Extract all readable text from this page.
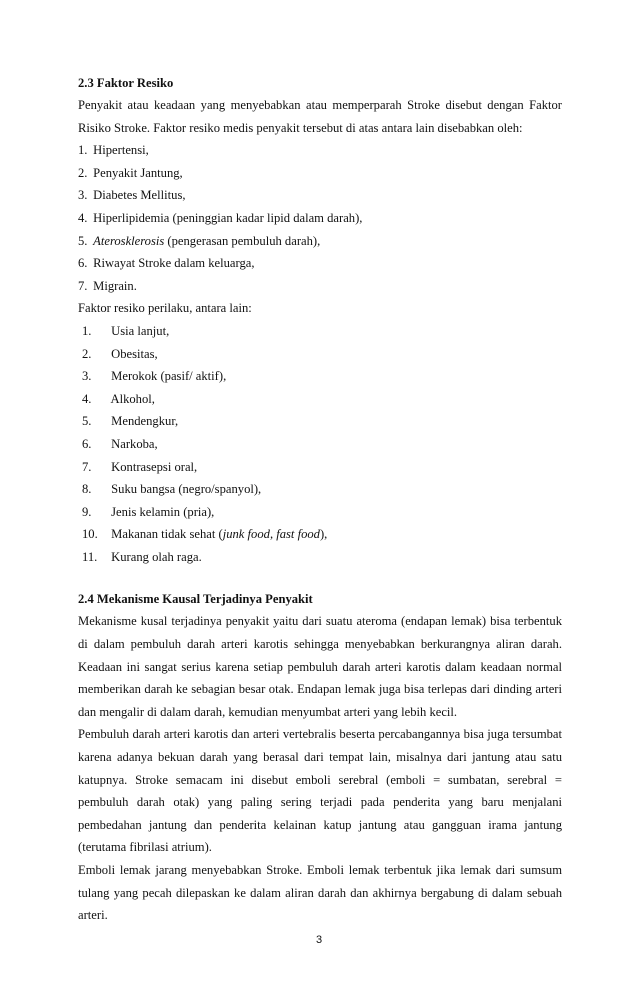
2.3 Faktor Resiko

Penyakit atau keadaan yang menyebabkan atau memperparah Stroke disebut dengan Faktor Risiko Stroke. Faktor resiko medis penyakit tersebut di atas antara lain disebabkan oleh:

1. Hipertensi,
2. Penyakit Jantung,
3. Diabetes Mellitus,
4. Hiperlipidemia (peninggian kadar lipid dalam darah),
5. Aterosklerosis (pengerasan pembuluh darah),
6. Riwayat Stroke dalam keluarga,
7. Migrain.
Faktor resiko perilaku, antara lain:
1. Usia lanjut,
2. Obesitas,
3. Merokok (pasif/ aktif),
4. Alkohol,
5. Mendengkur,
6. Narkoba,
7. Kontrasepsi oral,
8. Suku bangsa (negro/spanyol),
9. Jenis kelamin (pria),
10. Makanan tidak sehat (junk food, fast food),
11. Kurang olah raga.

2.4 Mekanisme Kausal Terjadinya Penyakit

Mekanisme kusal terjadinya penyakit yaitu dari suatu ateroma (endapan lemak) bisa terbentuk di dalam pembuluh darah arteri karotis sehingga menyebabkan berkurangnya aliran darah. Keadaan ini sangat serius karena setiap pembuluh darah arteri karotis dalam keadaan normal memberikan darah ke sebagian besar otak. Endapan lemak juga bisa terlepas dari dinding arteri dan mengalir di dalam darah, kemudian menyumbat arteri yang lebih kecil.

Pembuluh darah arteri karotis dan arteri vertebralis beserta percabangannya bisa juga tersumbat karena adanya bekuan darah yang berasal dari tempat lain, misalnya dari jantung atau satu katupnya. Stroke semacam ini disebut emboli serebral (emboli = sumbatan, serebral = pembuluh darah otak) yang paling sering terjadi pada penderita yang baru menjalani pembedahan jantung dan penderita kelainan katup jantung atau gangguan irama jantung (terutama fibrilasi atrium).

Emboli lemak jarang menyebabkan Stroke. Emboli lemak terbentuk jika lemak dari sumsum tulang yang pecah dilepaskan ke dalam aliran darah dan akhirnya bergabung di dalam sebuah arteri.

3
